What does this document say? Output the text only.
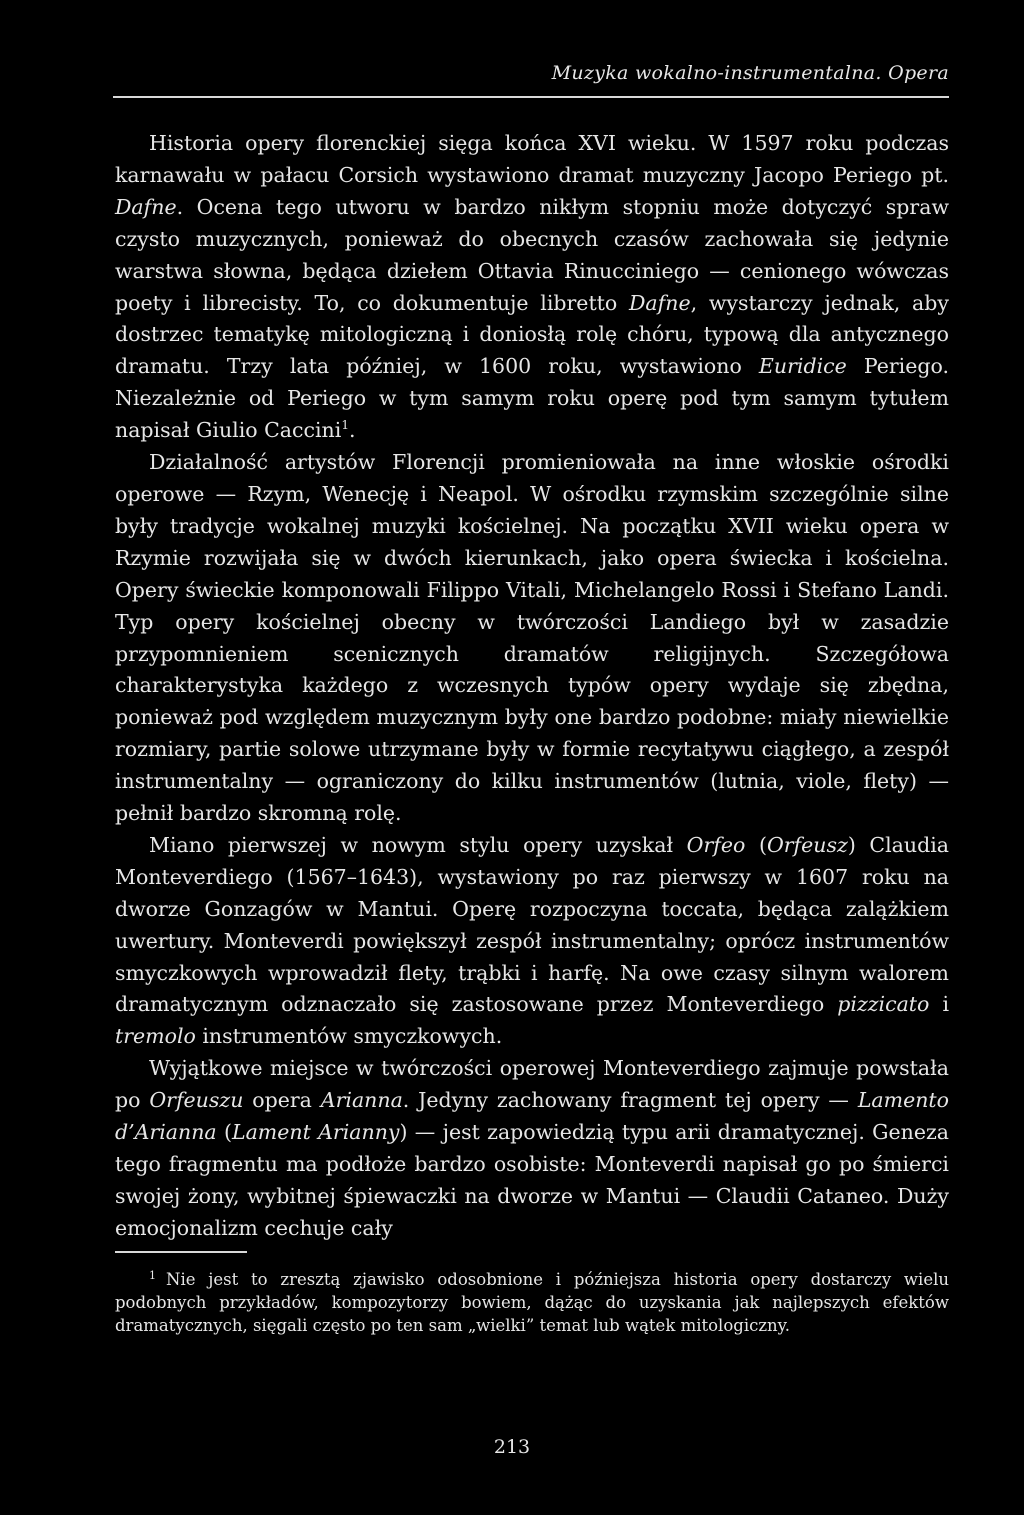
Muzyka wokalno-instrumentalna. Opera

Historia opery florenckiej sięga końca XVI wieku. W 1597 roku podczas karnawału w pałacu Corsich wystawiono dramat muzyczny Jacopo Periego pt. Dafne. Ocena tego utworu w bardzo nikłym stopniu może dotyczyć spraw czysto muzycznych, ponieważ do obecnych czasów zachowała się jedynie warstwa słowna, będąca dziełem Ottavia Rinucciniego — cenionego wówczas poety i librecisty. To, co dokumentuje libretto Dafne, wystarczy jednak, aby dostrzec tematykę mitologiczną i doniosłą rolę chóru, typową dla antycznego dramatu. Trzy lata później, w 1600 roku, wystawiono Euridice Periego. Niezależnie od Periego w tym samym roku operę pod tym samym tytułem napisał Giulio Caccini$^1$.

Działalność artystów Florencji promieniowała na inne włoskie ośrodki operowe — Rzym, Wenecję i Neapol. W ośrodku rzymskim szczególnie silne były tradycje wokalnej muzyki kościelnej. Na początku XVII wieku opera w Rzymie rozwijała się w dwóch kierunkach, jako opera świecka i kościelna. Opery świeckie komponowali Filippo Vitali, Michelangelo Rossi i Stefano Landi. Typ opery kościelnej obecny w twórczości Landiego był w zasadzie przypomnieniem scenicznych dramatów religijnych. Szczegółowa charakterystyka każdego z wczesnych typów opery wydaje się zbędna, ponieważ pod względem muzycznym były one bardzo podobne: miały niewielkie rozmiary, partie solowe utrzymane były w formie recytatywu ciągłego, a zespół instrumentalny — ograniczony do kilku instrumentów (lutnia, viole, flety) — pełnił bardzo skromną rolę.

Miano pierwszej w nowym stylu opery uzyskał Orfeo (Orfeusz) Claudia Monteverdiego (1567–1643), wystawiony po raz pierwszy w 1607 roku na dworze Gonzagów w Mantui. Operę rozpoczyna toccata, będąca zalążkiem uwertury. Monteverdi powiększył zespół instrumentalny; oprócz instrumentów smyczkowych wprowadził flety, trąbki i harfę. Na owe czasy silnym walorem dramatycznym odznaczało się zastosowane przez Monteverdiego pizzicato i tremolo instrumentów smyczkowych.

Wyjątkowe miejsce w twórczości operowej Monteverdiego zajmuje powstała po Orfeuszu opera Arianna. Jedyny zachowany fragment tej opery — Lamento d’Arianna (Lament Arianny) — jest zapowiedzią typu arii dramatycznej. Geneza tego fragmentu ma podłoże bardzo osobiste: Monteverdi napisał go po śmierci swojej żony, wybitnej śpiewaczki na dworze w Mantui — Claudii Cataneo. Duży emocjonalizm cechuje cały

$^1$ Nie jest to zresztą zjawisko odosobnione i późniejsza historia opery dostarczy wielu podobnych przykładów, kompozytorzy bowiem, dążąc do uzyskania jak najlepszych efektów dramatycznych, sięgali często po ten sam „wielki” temat lub wątek mitologiczny.
213
